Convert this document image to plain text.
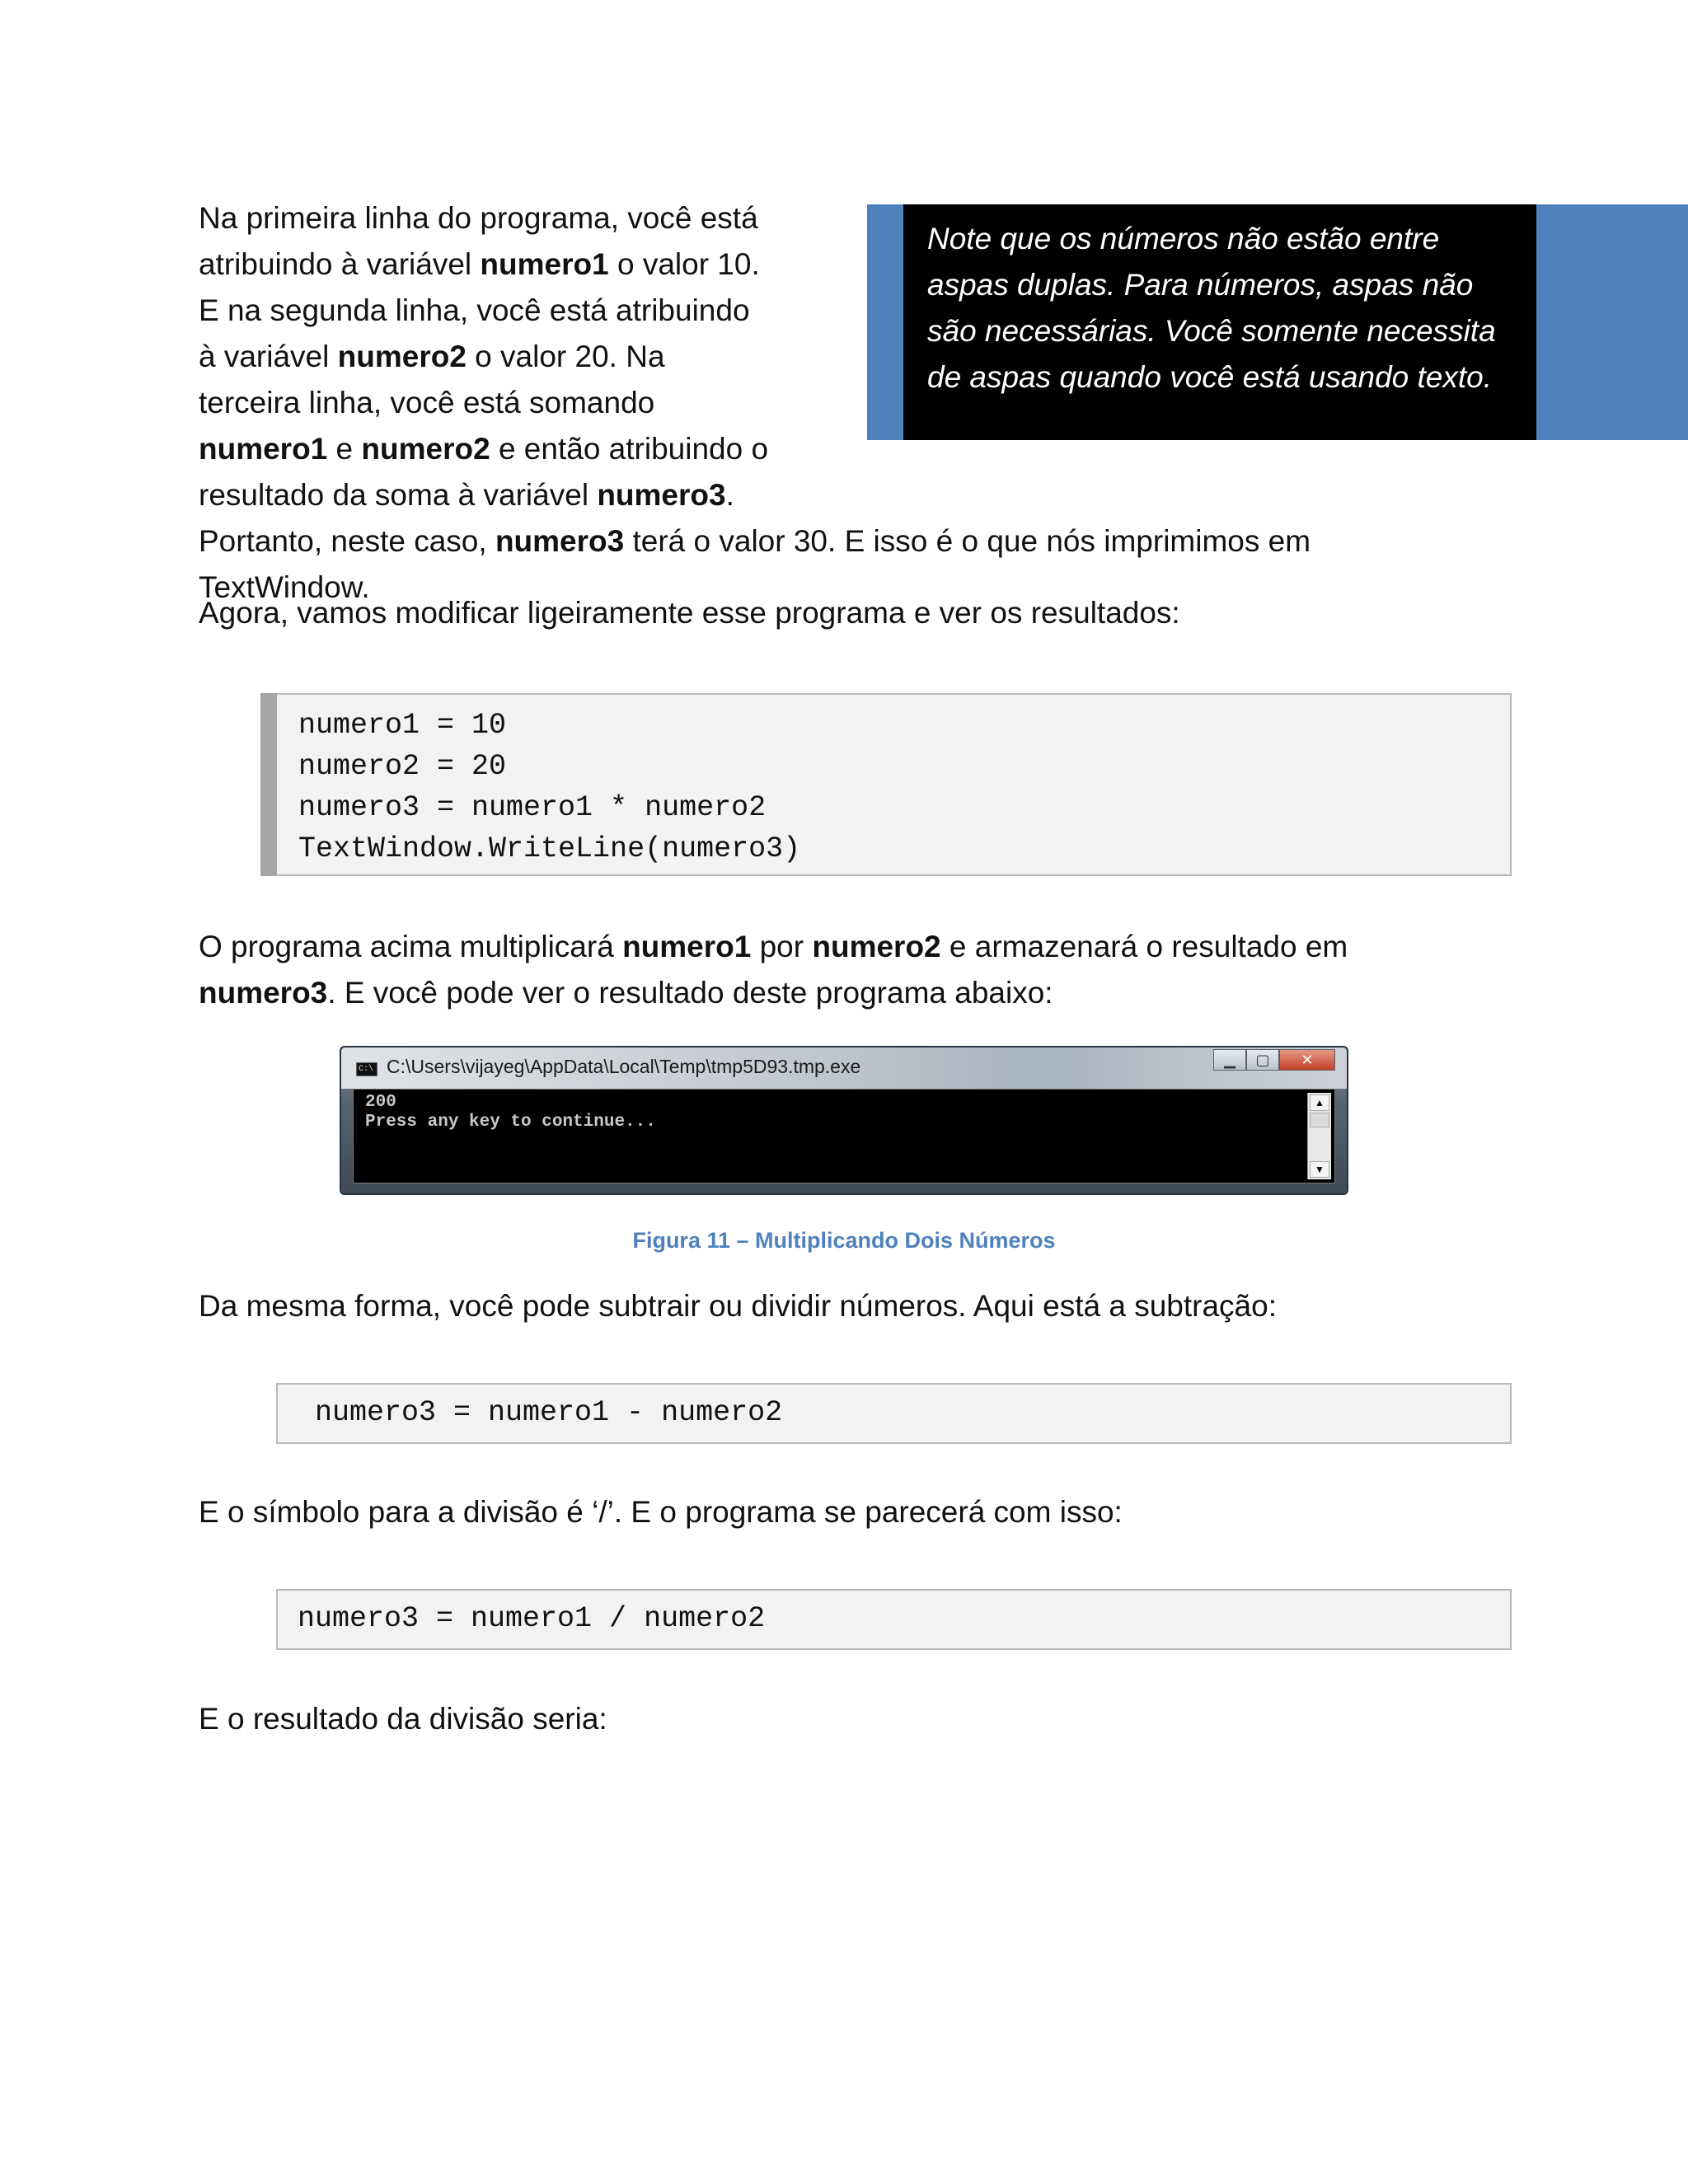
Na primeira linha do programa, você está atribuindo à variável numero1 o valor 10. E na segunda linha, você está atribuindo à variável numero2 o valor 20. Na terceira linha, você está somando numero1 e numero2 e então atribuindo o resultado da soma à variável numero3. Portanto, neste caso, numero3 terá o valor 30. E isso é o que nós imprimimos em TextWindow.
Note que os números não estão entre aspas duplas. Para números, aspas não são necessárias. Você somente necessita de aspas quando você está usando texto.

Agora, vamos modificar ligeiramente esse programa e ver os resultados:

numero1 = 10
numero2 = 20
numero3 = numero1 * numero2
TextWindow.WriteLine(numero3)

O programa acima multiplicará numero1 por numero2 e armazenará o resultado em numero3. E você pode ver o resultado deste programa abaixo:

C:\ C:\Users\vijayeg\AppData\Local\Temp\tmp5D93.tmp.exe	▁	▢	✕
200
Press any key to continue...
▲
▼
Figura 11 – Multiplicando Dois Números

Da mesma forma, você pode subtrair ou dividir números. Aqui está a subtração:

numero3 = numero1 - numero2

E o símbolo para a divisão é ‘/’. E o programa se parecerá com isso:

numero3 = numero1 / numero2

E o resultado da divisão seria:
